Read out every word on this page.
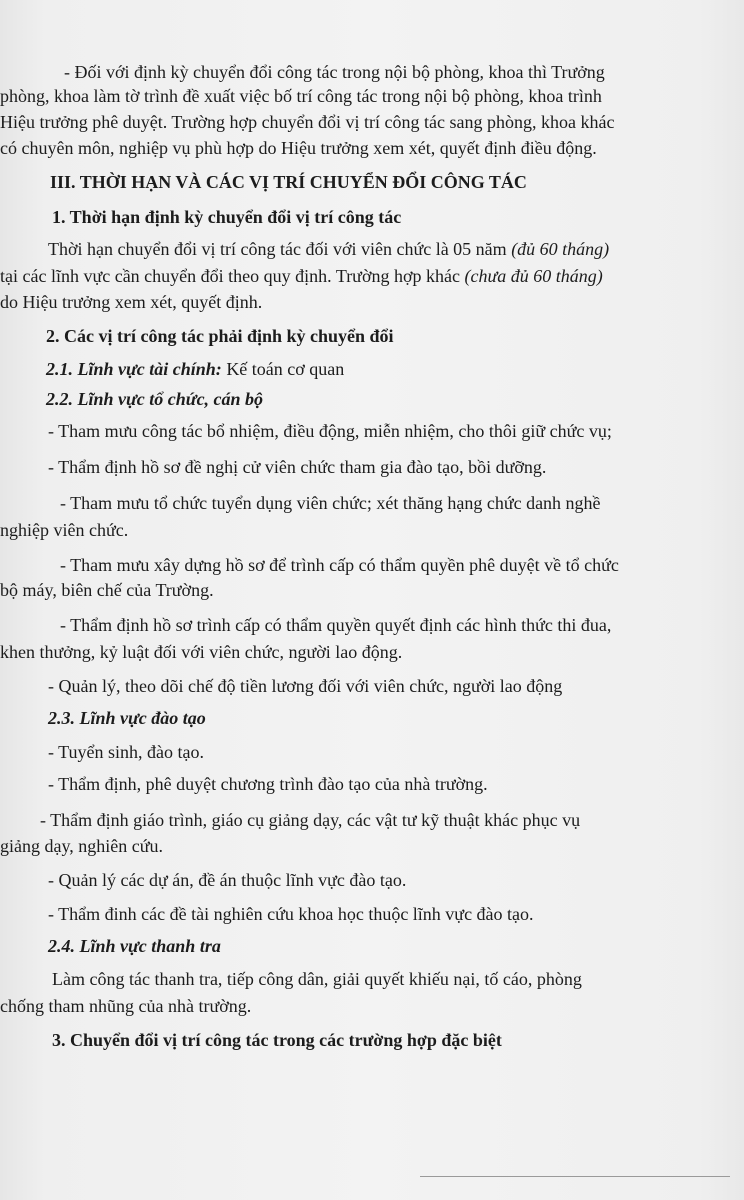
- Đối với định kỳ chuyển đổi công tác trong nội bộ phòng, khoa thì Trưởng
phòng, khoa làm tờ trình đề xuất việc bố trí công tác trong nội bộ phòng, khoa trình
Hiệu trưởng phê duyệt. Trường hợp chuyển đổi vị trí công tác sang phòng, khoa khác
có chuyên môn, nghiệp vụ phù hợp do Hiệu trưởng xem xét, quyết định điều động.
III. THỜI HẠN VÀ CÁC VỊ TRÍ CHUYỂN ĐỔI CÔNG TÁC
1. Thời hạn định kỳ chuyển đổi vị trí công tác
Thời hạn chuyển đổi vị trí công tác đối với viên chức là 05 năm (đủ 60 tháng)
tại các lĩnh vực cần chuyển đổi theo quy định. Trường hợp khác (chưa đủ 60 tháng)
do Hiệu trưởng xem xét, quyết định.
2. Các vị trí công tác phải định kỳ chuyển đổi
2.1. Lĩnh vực tài chính: Kế toán cơ quan
2.2. Lĩnh vực tổ chức, cán bộ
- Tham mưu công tác bổ nhiệm, điều động, miễn nhiệm, cho thôi giữ chức vụ;
- Thẩm định hồ sơ đề nghị cử viên chức tham gia đào tạo, bồi dưỡng.
- Tham mưu tổ chức tuyển dụng viên chức; xét thăng hạng chức danh nghề
nghiệp viên chức.
- Tham mưu xây dựng hồ sơ để trình cấp có thẩm quyền phê duyệt về tổ chức
bộ máy, biên chế của Trường.
- Thẩm định hồ sơ trình cấp có thẩm quyền quyết định các hình thức thi đua,
khen thưởng, kỷ luật đối với viên chức, người lao động.
- Quản lý, theo dõi chế độ tiền lương đối với viên chức, người lao động
2.3. Lĩnh vực đào tạo
- Tuyển sinh, đào tạo.
- Thẩm định, phê duyệt chương trình đào tạo của nhà trường.
- Thẩm định giáo trình, giáo cụ giảng dạy, các vật tư kỹ thuật khác phục vụ
giảng dạy, nghiên cứu.
- Quản lý các dự án, đề án thuộc lĩnh vực đào tạo.
- Thẩm đinh các đề tài nghiên cứu khoa học thuộc lĩnh vực đào tạo.
2.4. Lĩnh vực thanh tra
Làm công tác thanh tra, tiếp công dân, giải quyết khiếu nại, tố cáo, phòng
chống tham nhũng của nhà trường.
3. Chuyển đổi vị trí công tác trong các trường hợp đặc biệt
